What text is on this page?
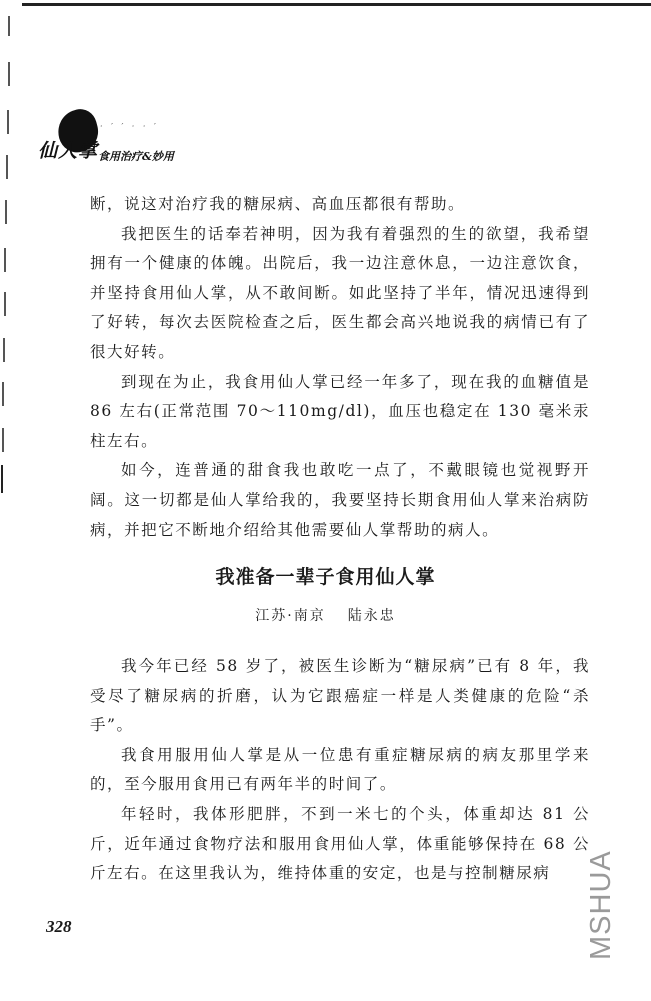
· ′ ′ · · ′
仙人掌 食用治疗&妙用

断，说这对治疗我的糖尿病、高血压都很有帮助。

我把医生的话奉若神明，因为我有着强烈的生的欲望，我希望拥有一个健康的体魄。出院后，我一边注意休息，一边注意饮食，并坚持食用仙人掌，从不敢间断。如此坚持了半年，情况迅速得到了好转，每次去医院检查之后，医生都会高兴地说我的病情已有了很大好转。

到现在为止，我食用仙人掌已经一年多了，现在我的血糖值是 86 左右(正常范围 70～110mg/dl)，血压也稳定在 130 毫米汞柱左右。

如今，连普通的甜食我也敢吃一点了，不戴眼镜也觉视野开阔。这一切都是仙人掌给我的，我要坚持长期食用仙人掌来治病防病，并把它不断地介绍给其他需要仙人掌帮助的病人。

我准备一辈子食用仙人掌
江苏·南京 陆永忠

我今年已经 58 岁了，被医生诊断为“糖尿病”已有 8 年，我受尽了糖尿病的折磨，认为它跟癌症一样是人类健康的危险“杀手”。

我食用服用仙人掌是从一位患有重症糖尿病的病友那里学来的，至今服用食用已有两年半的时间了。

年轻时，我体形肥胖，不到一米七的个头，体重却达 81 公斤，近年通过食物疗法和服用食用仙人掌，体重能够保持在 68 公斤左右。在这里我认为，维持体重的安定，也是与控制糖尿病

328	MSHUA
